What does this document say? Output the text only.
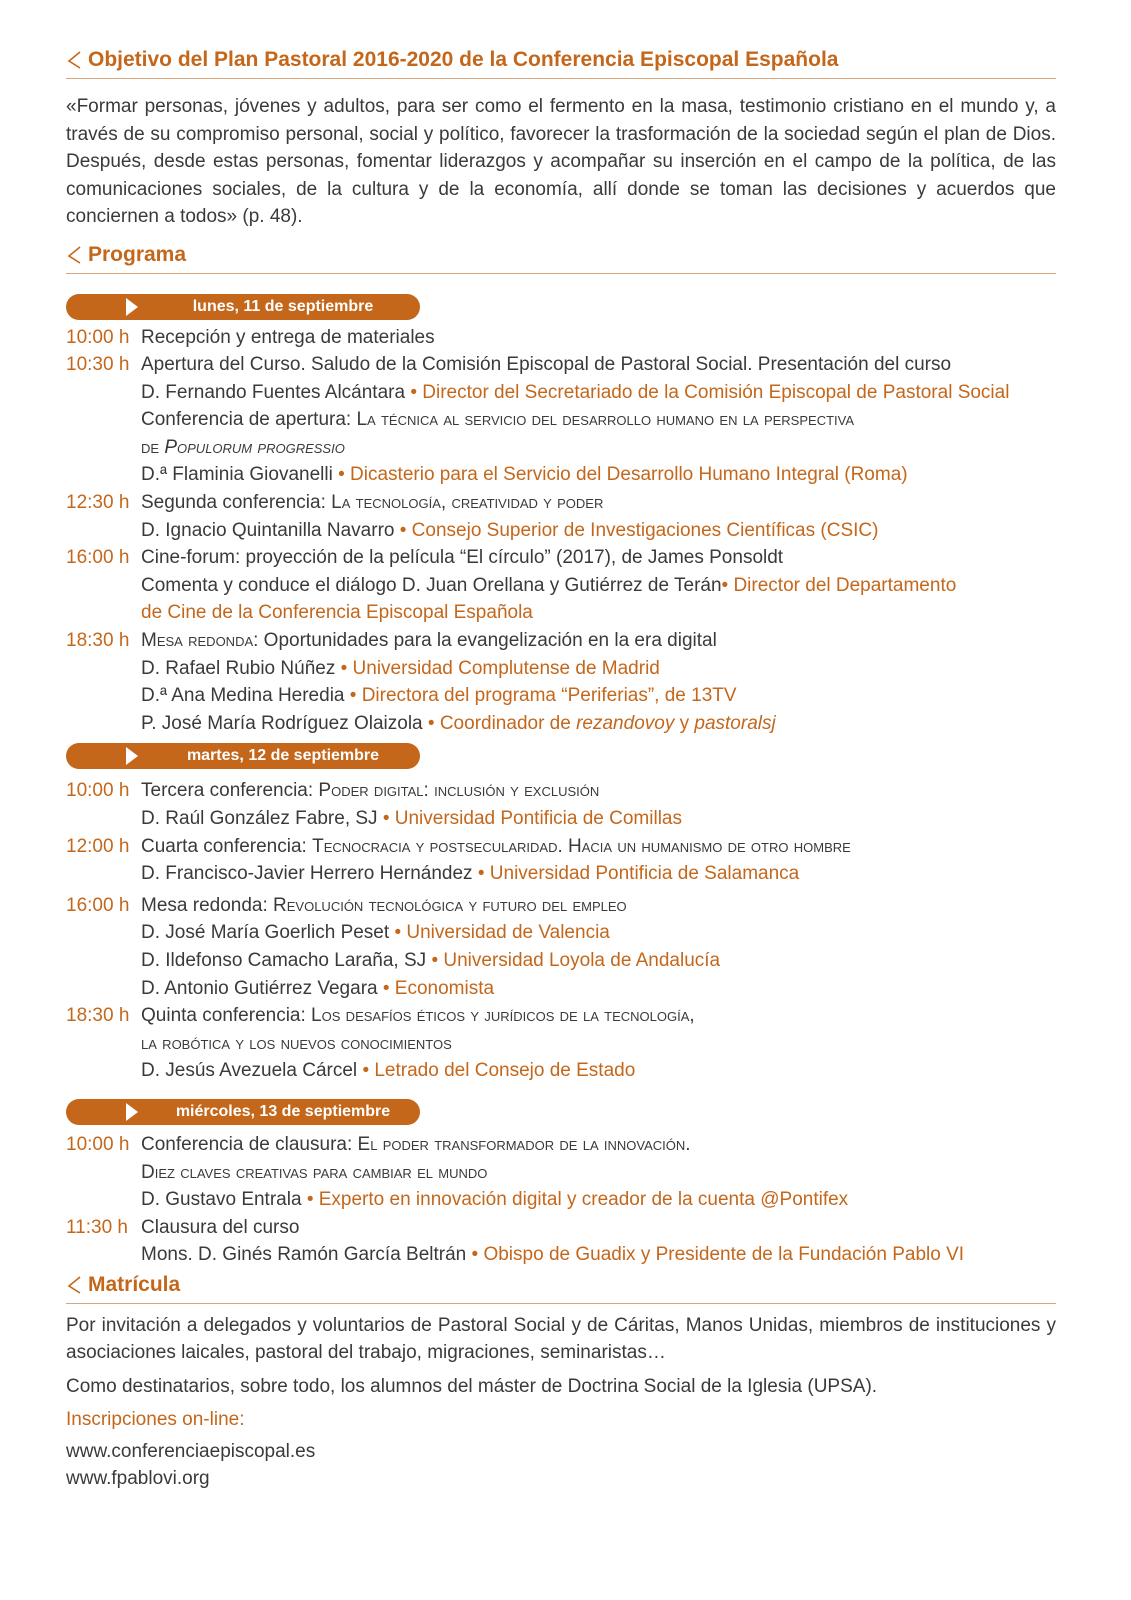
Objetivo del Plan Pastoral 2016-2020 de la Conferencia Episcopal Española

«Formar personas, jóvenes y adultos, para ser como el fermento en la masa, testimonio cristiano en el mundo y, a través de su compromiso personal, social y político, favorecer la trasformación de la sociedad según el plan de Dios. Después, desde estas personas, fomentar liderazgos y acompañar su inserción en el campo de la política, de las comunicaciones sociales, de la cultura y de la economía, allí donde se toman las decisiones y acuerdos que conciernen a todos» (p. 48).

Programa
lunes, 11 de septiembre
10:00 h Recepción y entrega de materiales
10:30 h Apertura del Curso. Saludo de la Comisión Episcopal de Pastoral Social. Presentación del curso
D. Fernando Fuentes Alcántara • Director del Secretariado de la Comisión Episcopal de Pastoral Social
Conferencia de apertura: La técnica al servicio del desarrollo humano en la perspectiva
de Populorum progressio
D.ª Flaminia Giovanelli • Dicasterio para el Servicio del Desarrollo Humano Integral (Roma)
12:30 h Segunda conferencia: La tecnología, creatividad y poder
D. Ignacio Quintanilla Navarro • Consejo Superior de Investigaciones Científicas (CSIC)
16:00 h Cine-forum: proyección de la película “El círculo” (2017), de James Ponsoldt
Comenta y conduce el diálogo D. Juan Orellana y Gutiérrez de Terán• Director del Departamento
de Cine de la Conferencia Episcopal Española
18:30 h Mesa redonda: Oportunidades para la evangelización en la era digital
D. Rafael Rubio Núñez • Universidad Complutense de Madrid
D.ª Ana Medina Heredia • Directora del programa “Periferias”, de 13TV
P. José María Rodríguez Olaizola • Coordinador de rezandovoy y pastoralsj
martes, 12 de septiembre
10:00 h Tercera conferencia: Poder digital: inclusión y exclusión
D. Raúl González Fabre, SJ • Universidad Pontificia de Comillas
12:00 h Cuarta conferencia: Tecnocracia y postsecularidad. Hacia un humanismo de otro hombre
D. Francisco-Javier Herrero Hernández • Universidad Pontificia de Salamanca
16:00 h Mesa redonda: Revolución tecnológica y futuro del empleo
D. José María Goerlich Peset • Universidad de Valencia
D. Ildefonso Camacho Laraña, SJ • Universidad Loyola de Andalucía
D. Antonio Gutiérrez Vegara • Economista
18:30 h Quinta conferencia: Los desafíos éticos y jurídicos de la tecnología,
la robótica y los nuevos conocimientos
D. Jesús Avezuela Cárcel • Letrado del Consejo de Estado
miércoles, 13 de septiembre
10:00 h Conferencia de clausura: El poder transformador de la innovación.
Diez claves creativas para cambiar el mundo
D. Gustavo Entrala • Experto en innovación digital y creador de la cuenta @Pontifex
11:30 h Clausura del curso
Mons. D. Ginés Ramón García Beltrán • Obispo de Guadix y Presidente de la Fundación Pablo VI
Matrícula

Por invitación a delegados y voluntarios de Pastoral Social y de Cáritas, Manos Unidas, miembros de instituciones y asociaciones laicales, pastoral del trabajo, migraciones, seminaristas…

Como destinatarios, sobre todo, los alumnos del máster de Doctrina Social de la Iglesia (UPSA).

Inscripciones on-line:

www.conferenciaepiscopal.es

www.fpablovi.org
